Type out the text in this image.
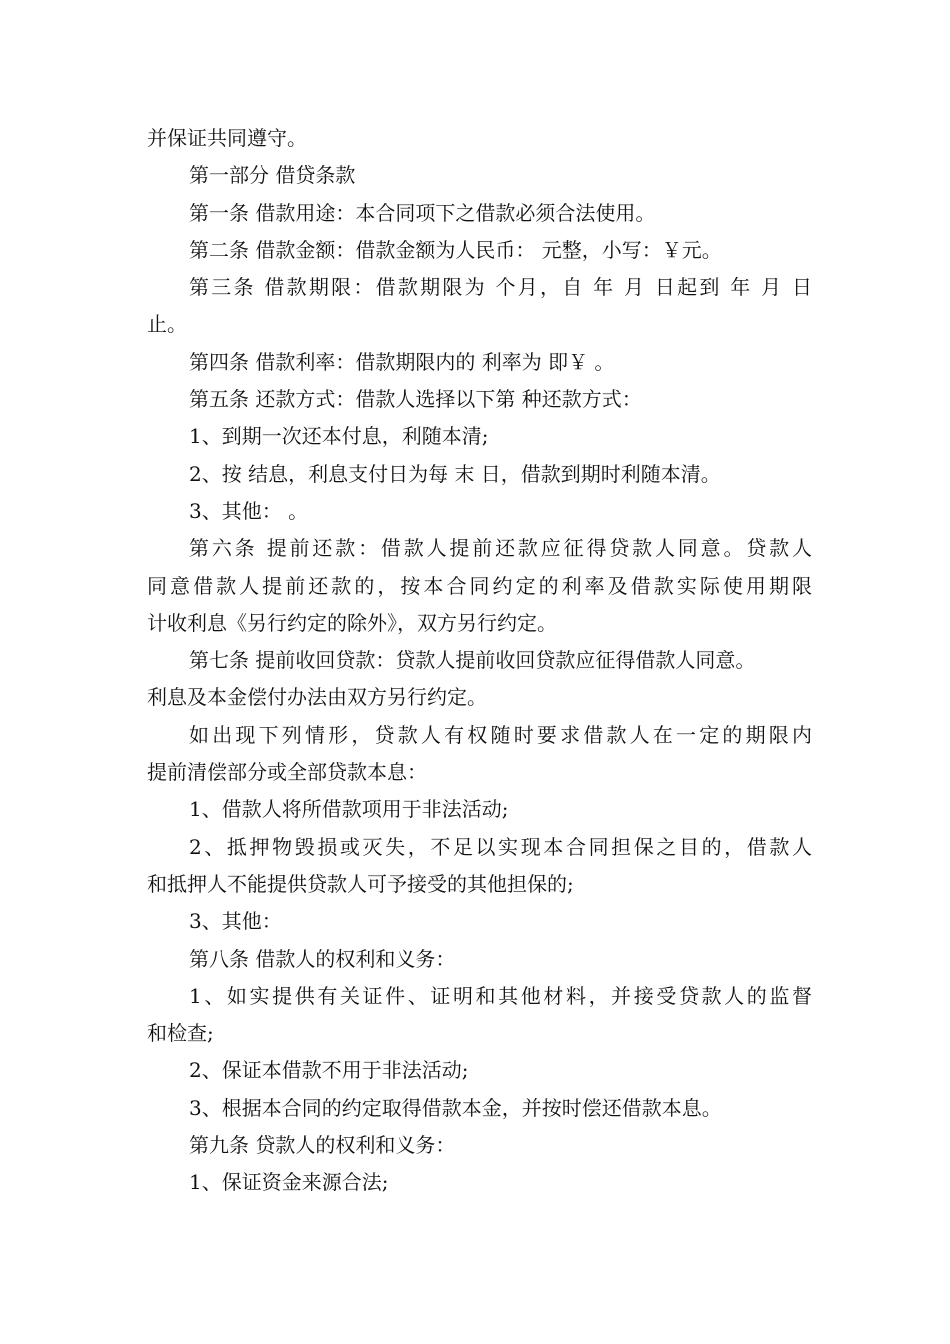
并保证共同遵守。
第一部分 借贷条款
第一条 借款用途：本合同项下之借款必须合法使用。
第二条 借款金额：借款金额为人民币： 元整，小写：￥元。
第三条 借款期限：借款期限为 个月，自 年 月 日起到 年 月 日
止。
第四条 借款利率：借款期限内的 利率为 即￥ 。
第五条 还款方式：借款人选择以下第 种还款方式：
1、到期一次还本付息，利随本清;
2、按 结息，利息支付日为每 末 日，借款到期时利随本清。
3、其他： 。
第六条 提前还款：借款人提前还款应征得贷款人同意。贷款人
同意借款人提前还款的，按本合同约定的利率及借款实际使用期限
计收利息《另行约定的除外》，双方另行约定。
第七条 提前收回贷款：贷款人提前收回贷款应征得借款人同意。
利息及本金偿付办法由双方另行约定。
如出现下列情形，贷款人有权随时要求借款人在一定的期限内
提前清偿部分或全部贷款本息：
1、借款人将所借款项用于非法活动;
2、抵押物毁损或灭失，不足以实现本合同担保之目的，借款人
和抵押人不能提供贷款人可予接受的其他担保的;
3、其他：
第八条 借款人的权利和义务：
1、如实提供有关证件、证明和其他材料，并接受贷款人的监督
和检查;
2、保证本借款不用于非法活动;
3、根据本合同的约定取得借款本金，并按时偿还借款本息。
第九条 贷款人的权利和义务：
1、保证资金来源合法;
